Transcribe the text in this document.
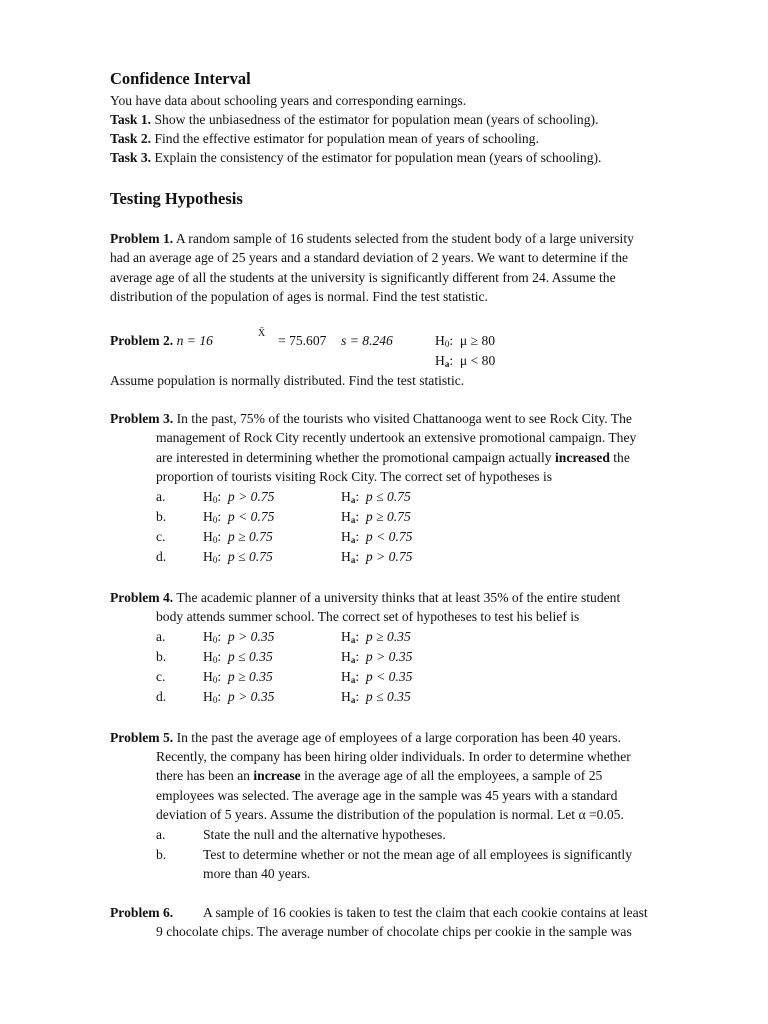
Confidence Interval
You have data about schooling years and corresponding earnings.
Task 1. Show the unbiasedness of the estimator for population mean (years of schooling).
Task 2. Find the effective estimator for population mean of years of schooling.
Task 3. Explain the consistency of the estimator for population mean (years of schooling).
Testing Hypothesis
Problem 1. A random sample of 16 students selected from the student body of a large university
had an average age of 25 years and a standard deviation of 2 years. We want to determine if the
average age of all the students at the university is significantly different from 24. Assume the
distribution of the population of ages is normal. Find the test statistic.
Problem 2. n = 16	X̄ = 75.607 s = 8.246	$H_0$: μ ≥ 80
$H_a$: μ < 80
Assume population is normally distributed. Find the test statistic.
Problem 3. In the past, 75% of the tourists who visited Chattanooga went to see Rock City. The
management of Rock City recently undertook an extensive promotional campaign. They
are interested in determining whether the promotional campaign actually increased the
proportion of tourists visiting Rock City. The correct set of hypotheses is
a.	$H_0$: p > 0.75	$H_a$: p ≤ 0.75
b.	$H_0$: p < 0.75	$H_a$: p ≥ 0.75
c.	$H_0$: p ≥ 0.75	$H_a$: p < 0.75
d.	$H_0$: p ≤ 0.75	$H_a$: p > 0.75
Problem 4. The academic planner of a university thinks that at least 35% of the entire student
body attends summer school. The correct set of hypotheses to test his belief is
a.	$H_0$: p > 0.35	$H_a$: p ≥ 0.35
b.	$H_0$: p ≤ 0.35	$H_a$: p > 0.35
c.	$H_0$: p ≥ 0.35	$H_a$: p < 0.35
d.	$H_0$: p > 0.35	$H_a$: p ≤ 0.35
Problem 5. In the past the average age of employees of a large corporation has been 40 years.
Recently, the company has been hiring older individuals. In order to determine whether
there has been an increase in the average age of all the employees, a sample of 25
employees was selected. The average age in the sample was 45 years with a standard
deviation of 5 years. Assume the distribution of the population is normal. Let α =0.05.
a.	State the null and the alternative hypotheses.
b.	Test to determine whether or not the mean age of all employees is significantly
more than 40 years.
Problem 6. A sample of 16 cookies is taken to test the claim that each cookie contains at least
9 chocolate chips. The average number of chocolate chips per cookie in the sample was
